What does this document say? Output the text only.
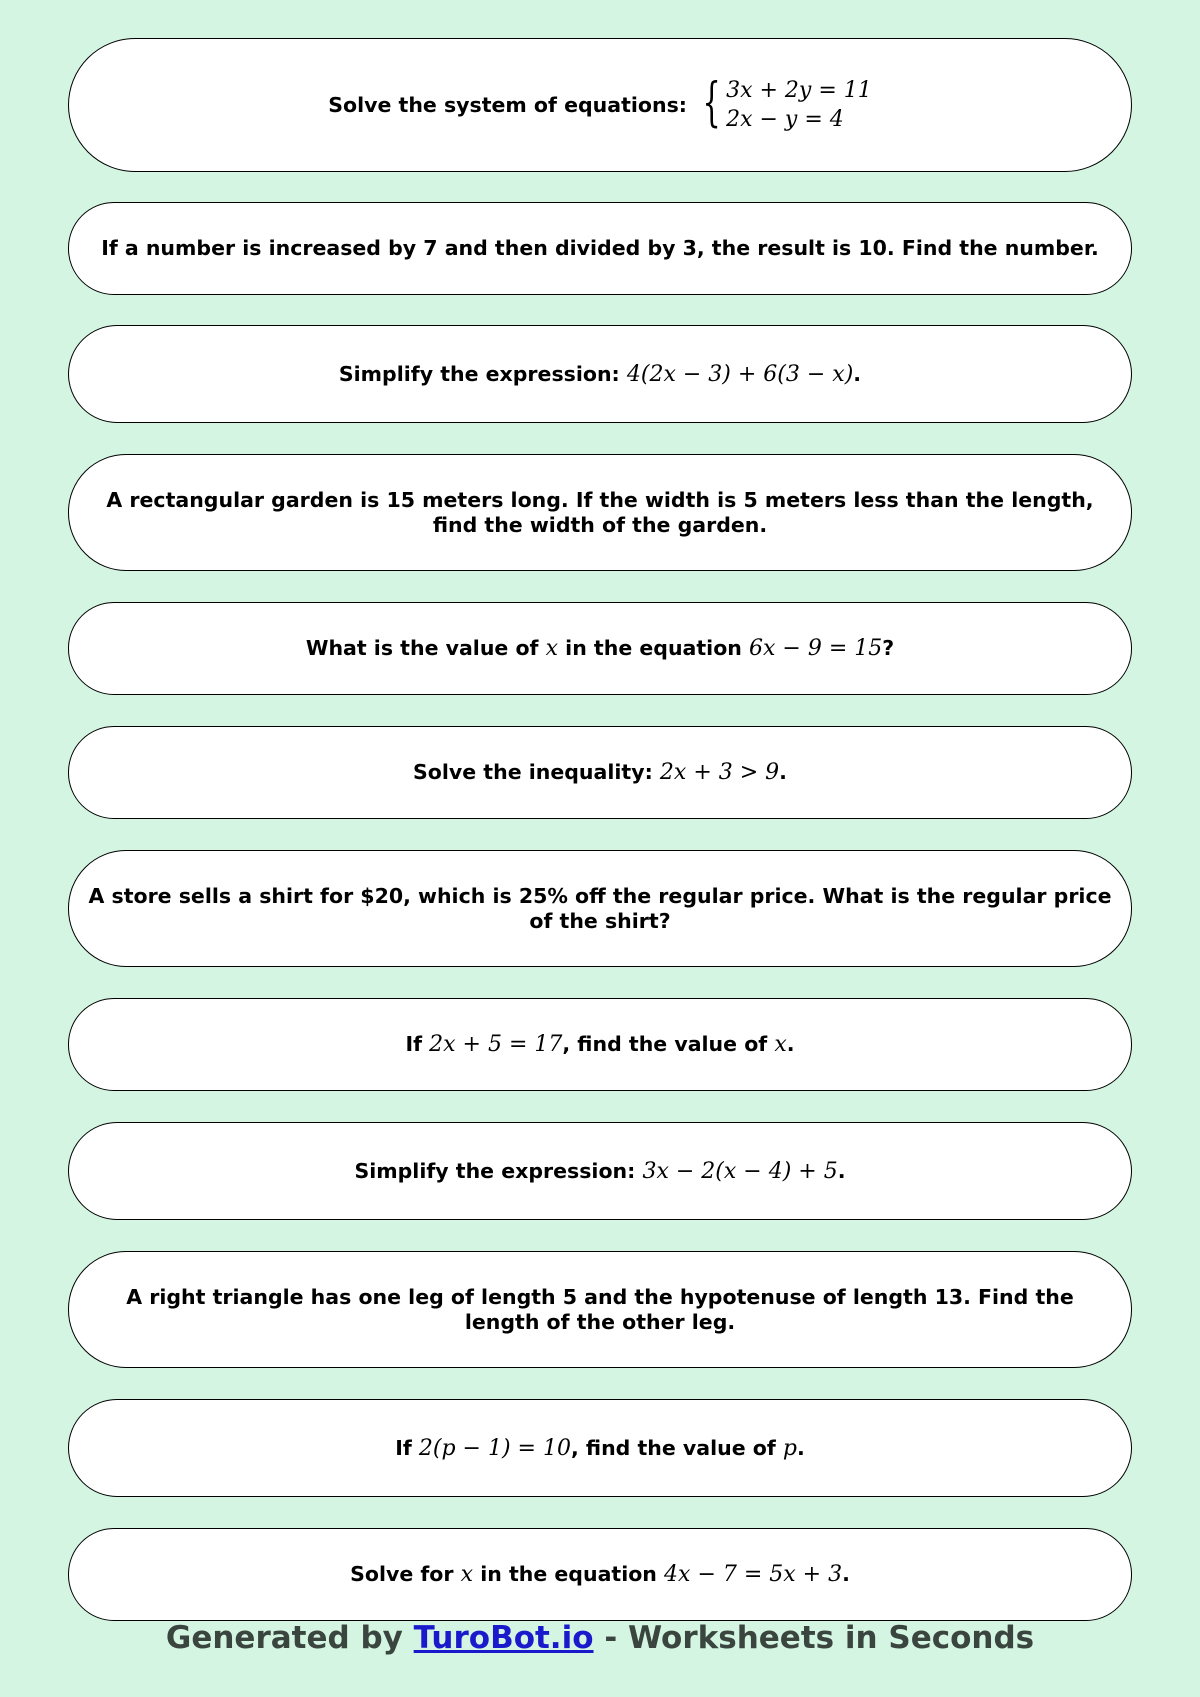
Solve the system of equations: { 3x + 2y = 11
2x − y = 4
If a number is increased by 7 and then divided by 3, the result is 10. Find the number.
Simplify the expression: 4(2x − 3) + 6(3 − x).
A rectangular garden is 15 meters long. If the width is 5 meters less than the length, find the width of the garden.
What is the value of x in the equation 6x − 9 = 15?
Solve the inequality: 2x + 3 > 9.
A store sells a shirt for $20, which is 25% off the regular price. What is the regular price of the shirt?
If 2x + 5 = 17, find the value of x.
Simplify the expression: 3x − 2(x − 4) + 5.
A right triangle has one leg of length 5 and the hypotenuse of length 13. Find the length of the other leg.
If 2(p − 1) = 10, find the value of p.
Solve for x in the equation 4x − 7 = 5x + 3.
Generated by TuroBot.io - Worksheets in Seconds
